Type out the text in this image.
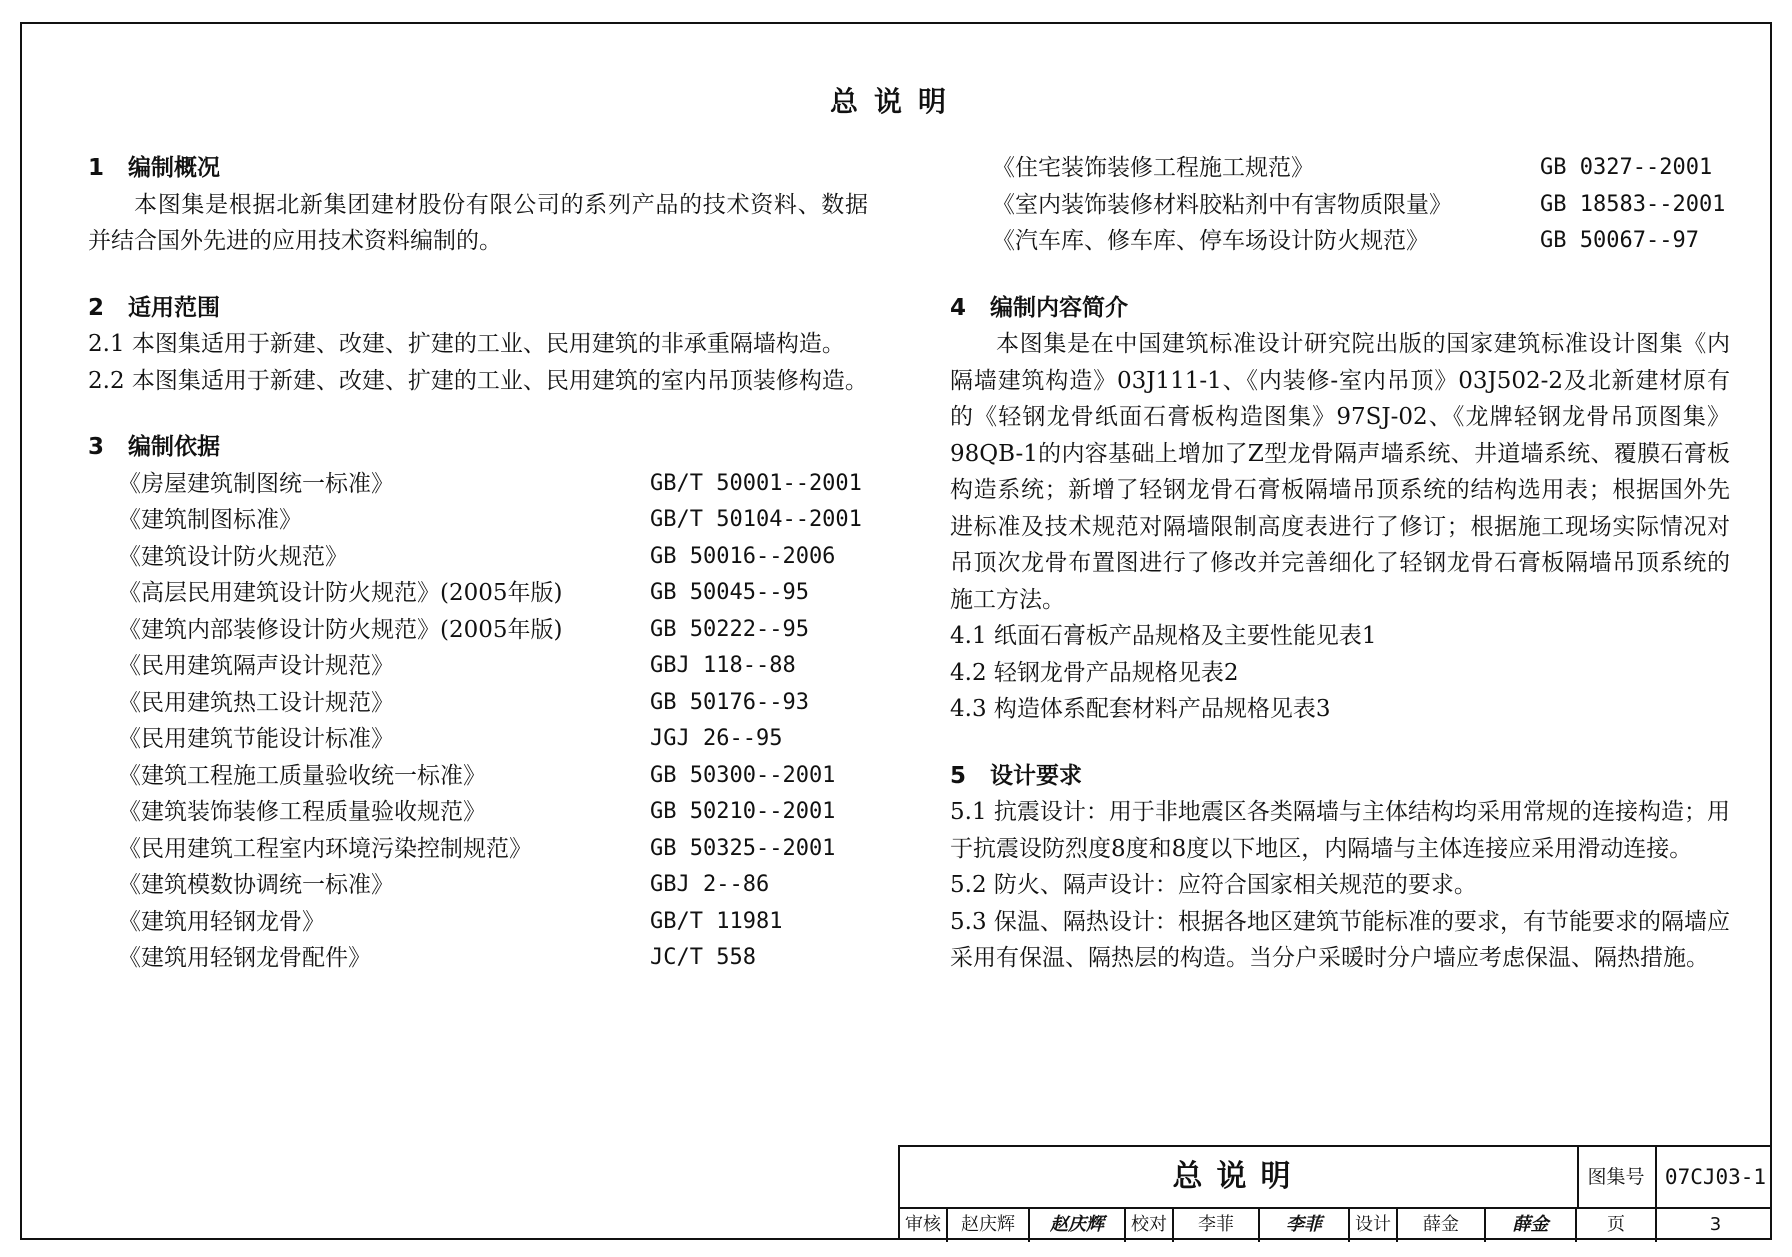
总说明
1 编制概况
本图集是根据北新集团建材股份有限公司的系列产品的技术资料、数据并结合国外先进的应用技术资料编制的。
2 适用范围
2.1 本图集适用于新建、改建、扩建的工业、民用建筑的非承重隔墙构造。
2.2 本图集适用于新建、改建、扩建的工业、民用建筑的室内吊顶装修构造。
3 编制依据
《房屋建筑制图统一标准》	GB/T 50001--2001
《建筑制图标准》	GB/T 50104--2001
《建筑设计防火规范》	GB 50016--2006
《高层民用建筑设计防火规范》(2005年版)	GB 50045--95
《建筑内部装修设计防火规范》(2005年版)	GB 50222--95
《民用建筑隔声设计规范》	GBJ 118--88
《民用建筑热工设计规范》	GB 50176--93
《民用建筑节能设计标准》	JGJ 26--95
《建筑工程施工质量验收统一标准》	GB 50300--2001
《建筑装饰装修工程质量验收规范》	GB 50210--2001
《民用建筑工程室内环境污染控制规范》	GB 50325--2001
《建筑模数协调统一标准》	GBJ 2--86
《建筑用轻钢龙骨》	GB/T 11981
《建筑用轻钢龙骨配件》	JC/T 558
《住宅装饰装修工程施工规范》	GB 0327--2001
《室内装饰装修材料胶粘剂中有害物质限量》	GB 18583--2001
《汽车库、修车库、停车场设计防火规范》	GB 50067--97
4 编制内容简介
本图集是在中国建筑标准设计研究院出版的国家建筑标准设计图集《内隔墙建筑构造》03J111-1、《内装修-室内吊顶》03J502-2及北新建材原有的《轻钢龙骨纸面石膏板构造图集》97SJ-02、《龙牌轻钢龙骨吊顶图集》98QB-1的内容基础上增加了Z型龙骨隔声墙系统、井道墙系统、覆膜石膏板构造系统；新增了轻钢龙骨石膏板隔墙吊顶系统的结构选用表；根据国外先进标准及技术规范对隔墙限制高度表进行了修订；根据施工现场实际情况对吊顶次龙骨布置图进行了修改并完善细化了轻钢龙骨石膏板隔墙吊顶系统的施工方法。
4.1 纸面石膏板产品规格及主要性能见表1
4.2 轻钢龙骨产品规格见表2
4.3 构造体系配套材料产品规格见表3
5 设计要求
5.1 抗震设计：用于非地震区各类隔墙与主体结构均采用常规的连接构造；用于抗震设防烈度8度和8度以下地区，内隔墙与主体连接应采用滑动连接。
5.2 防火、隔声设计：应符合国家相关规范的要求。
5.3 保温、隔热设计：根据各地区建筑节能标准的要求，有节能要求的隔墙应采用有保温、隔热层的构造。当分户采暖时分户墙应考虑保温、隔热措施。
总说明	图集号 07CJ03-1
审核	赵庆辉	赵庆辉	校对	李菲	李菲	设计	薛金	薛金	页	3
